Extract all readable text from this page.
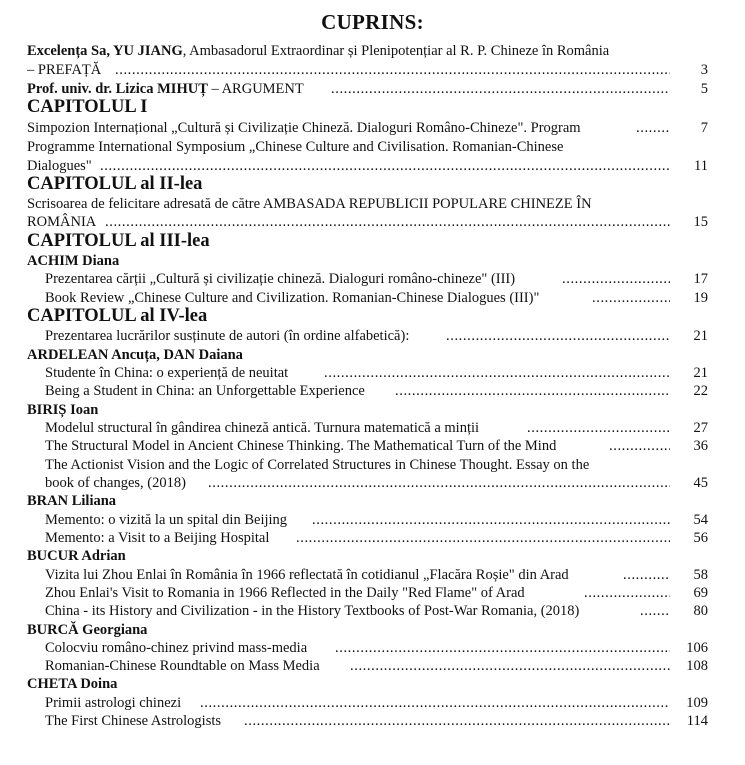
CUPRINS:
Excelența Sa, YU JIANG, Ambasadorul Extraordinar și Plenipotențiar al R. P. Chineze în România
– PREFAȚĂ .....	3
Prof. univ. dr. Lizica MIHUȚ – ARGUMENT .....	5
CAPITOLUL I
Simpozion Internațional „Cultură și Civilizație Chineză. Dialoguri Româno-Chineze". Program .....	7
Programme International Symposium „Chinese Culture and Civilisation. Romanian-Chinese
Dialogues" .....	11
CAPITOLUL al II-lea
Scrisoarea de felicitare adresată de către AMBASADA REPUBLICII POPULARE CHINEZE ÎN
ROMÂNIA .....	15
CAPITOLUL al III-lea
ACHIM Diana
Prezentarea cărții „Cultură și civilizație chineză. Dialoguri româno-chineze" (III) .....	17
Book Review „Chinese Culture and Civilization. Romanian-Chinese Dialogues (III)" .....	19
CAPITOLUL al IV-lea
Prezentarea lucrărilor susținute de autori (în ordine alfabetică): .....	21
ARDELEAN Ancuța, DAN Daiana
Studente în China: o experiență de neuitat .....	21
Being a Student in China: an Unforgettable Experience .....	22
BIRIȘ Ioan
Modelul structural în gândirea chineză antică. Turnura matematică a minții .....	27
The Structural Model in Ancient Chinese Thinking. The Mathematical Turn of the Mind .....	36
The Actionist Vision and the Logic of Correlated Structures in Chinese Thought. Essay on the
book of changes, (2018) .....	45
BRAN Liliana
Memento: o vizită la un spital din Beijing .....	54
Memento: a Visit to a Beijing Hospital .....	56
BUCUR Adrian
Vizita lui Zhou Enlai în România în 1966 reflectată în cotidianul „Flacăra Roșie" din Arad .....	58
Zhou Enlai's Visit to Romania in 1966 Reflected in the Daily "Red Flame" of Arad .....	69
China - its History and Civilization - in the History Textbooks of Post-War Romania, (2018) .....	80
BURCĂ Georgiana
Colocviu româno-chinez privind mass-media .....	106
Romanian-Chinese Roundtable on Mass Media .....	108
CHETA Doina
Primii astrologi chinezi .....	109
The First Chinese Astrologists .....	114
